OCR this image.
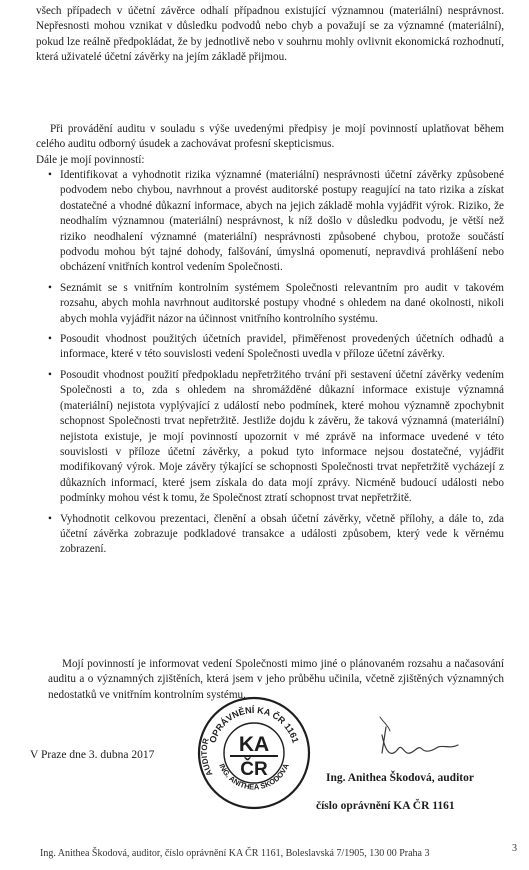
všech případech v účetní závěrce odhalí případnou existující významnou (materiální) nesprávnost. Nepřesnosti mohou vznikat v důsledku podvodů nebo chyb a považují se za významné (materiální), pokud lze reálně předpokládat, že by jednotlivě nebo v souhrnu mohly ovlivnit ekonomická rozhodnutí, která uživatelé účetní závěrky na jejím základě přijmou.

Při provádění auditu v souladu s výše uvedenými předpisy je mojí povinností uplatňovat během celého auditu odborný úsudek a zachovávat profesní skepticismus.

Dále je mojí povinností:

• Identifikovat a vyhodnotit rizika významné (materiální) nesprávnosti účetní závěrky způsobené podvodem nebo chybou, navrhnout a provést auditorské postupy reagující na tato rizika a získat dostatečné a vhodné důkazní informace, abych na jejich základě mohla vyjádřit výrok. Riziko, že neodhalím významnou (materiální) nesprávnost, k níž došlo v důsledku podvodu, je větší než riziko neodhalení významné (materiální) nesprávnosti způsobené chybou, protože součástí podvodu mohou být tajné dohody, falšování, úmyslná opomenutí, nepravdivá prohlášení nebo obcházení vnitřních kontrol vedením Společnosti.
• Seznámit se s vnitřním kontrolním systémem Společnosti relevantním pro audit v takovém rozsahu, abych mohla navrhnout auditorské postupy vhodné s ohledem na dané okolnosti, nikoli abych mohla vyjádřit názor na účinnost vnitřního kontrolního systému.
• Posoudit vhodnost použitých účetních pravidel, přiměřenost provedených účetních odhadů a informace, které v této souvislosti vedení Společnosti uvedla v příloze účetní závěrky.
• Posoudit vhodnost použití předpokladu nepřetržitého trvání při sestavení účetní závěrky vedením Společnosti a to, zda s ohledem na shromážděné důkazní informace existuje významná (materiální) nejistota vyplývající z událostí nebo podmínek, které mohou významně zpochybnit schopnost Společnosti trvat nepřetržitě. Jestliže dojdu k závěru, že taková významná (materiální) nejistota existuje, je mojí povinností upozornit v mé zprávě na informace uvedené v této souvislosti v příloze účetní závěrky, a pokud tyto informace nejsou dostatečné, vyjádřit modifikovaný výrok. Moje závěry týkající se schopnosti Společnosti trvat nepřetržitě vycházejí z důkazních informací, které jsem získala do data mojí zprávy. Nicméně budoucí události nebo podmínky mohou vést k tomu, že Společnost ztratí schopnost trvat nepřetržitě.
• Vyhodnotit celkovou prezentaci, členění a obsah účetní závěrky, včetně přílohy, a dále to, zda účetní závěrka zobrazuje podkladové transakce a události způsobem, který vede k věrnému zobrazení.

Mojí povinností je informovat vedení Společnosti mimo jiné o plánovaném rozsahu a načasování auditu a o významných zjištěních, která jsem v jeho průběhu učinila, včetně zjištěných významných nedostatků ve vnitřním kontrolním systému.

V Praze dne 3. dubna 2017
OPRÁVNĚNÍ KA ČR 1161
AUDITOR
ING. ANITHEA ŠKODOVÁ
KA
ČR	Ing. Anithea Škodová, auditor
číslo oprávnění KA ČR 1161
Ing. Anithea Škodová, auditor, číslo oprávnění KA ČR 1161, Boleslavská 7/1905, 130 00 Praha 3	3
